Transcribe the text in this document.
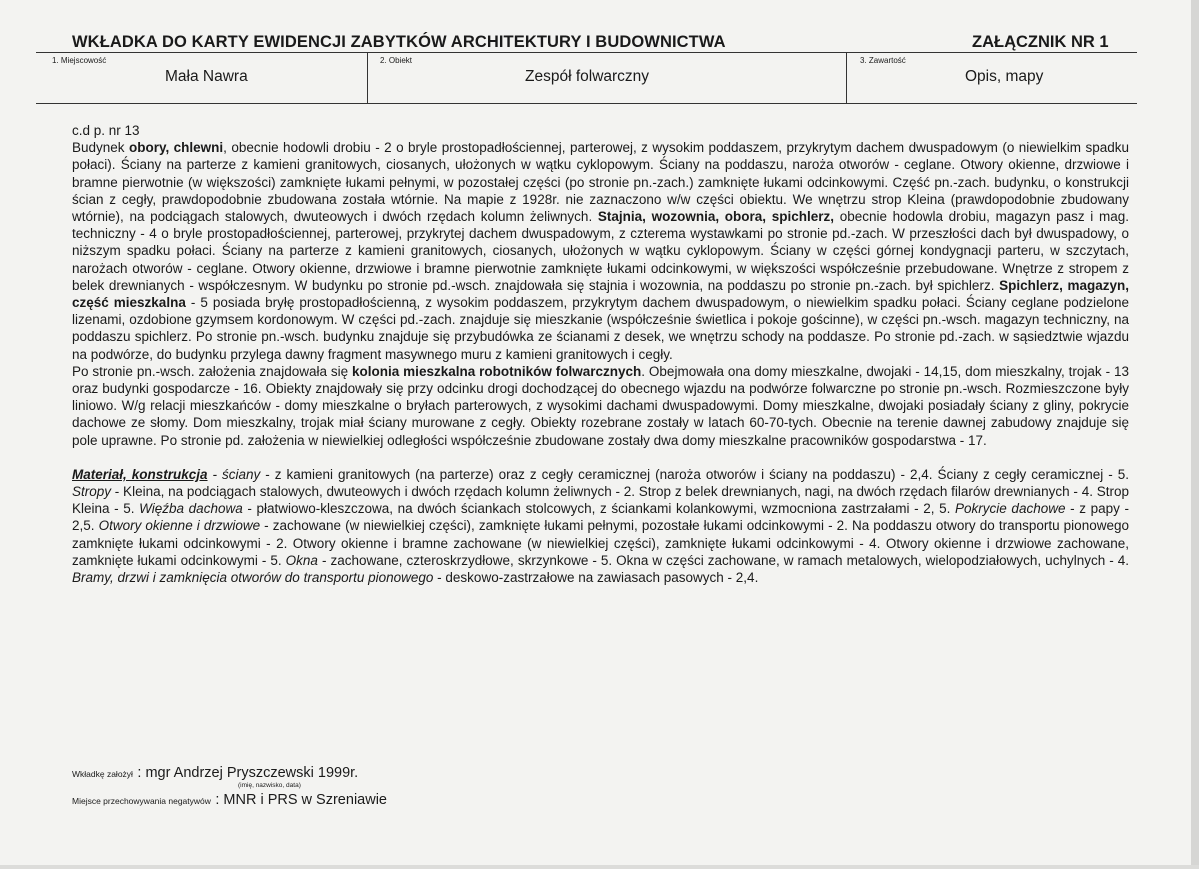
WKŁADKA DO KARTY EWIDENCJI ZABYTKÓW ARCHITEKTURY I BUDOWNICTWA	ZAŁĄCZNIK NR 1
1. Miejscowość
Mała Nawra
2. Obiekt
Zespół folwarczny
3. Zawartość
Opis, mapy

c.d p. nr 13

Budynek obory, chlewni, obecnie hodowli drobiu - 2 o bryle prostopadłościennej, parterowej, z wysokim poddaszem, przykrytym dachem dwuspadowym (o niewielkim spadku połaci). Ściany na parterze z kamieni granitowych, ciosanych, ułożonych w wątku cyklopowym. Ściany na poddaszu, naroża otworów - ceglane. Otwory okienne, drzwiowe i bramne pierwotnie (w większości) zamknięte łukami pełnymi, w pozostałej części (po stronie pn.-zach.) zamknięte łukami odcinkowymi. Część pn.-zach. budynku, o konstrukcji ścian z cegły, prawdopodobnie zbudowana została wtórnie. Na mapie z 1928r. nie zaznaczono w/w części obiektu. We wnętrzu strop Kleina (prawdopodobnie zbudowany wtórnie), na podciągach stalowych, dwuteowych i dwóch rzędach kolumn żeliwnych. Stajnia, wozownia, obora, spichlerz, obecnie hodowla drobiu, magazyn pasz i mag. techniczny - 4 o bryle prostopadłościennej, parterowej, przykrytej dachem dwuspadowym, z czterema wystawkami po stronie pd.-zach. W przeszłości dach był dwuspadowy, o niższym spadku połaci. Ściany na parterze z kamieni granitowych, ciosanych, ułożonych w wątku cyklopowym. Ściany w części górnej kondygnacji parteru, w szczytach, narożach otworów - ceglane. Otwory okienne, drzwiowe i bramne pierwotnie zamknięte łukami odcinkowymi, w większości współcześnie przebudowane. Wnętrze z stropem z belek drewnianych - współczesnym. W budynku po stronie pd.-wsch. znajdowała się stajnia i wozownia, na poddaszu po stronie pn.-zach. był spichlerz. Spichlerz, magazyn, część mieszkalna - 5 posiada bryłę prostopadłościenną, z wysokim poddaszem, przykrytym dachem dwuspadowym, o niewielkim spadku połaci. Ściany ceglane podzielone lizenami, ozdobione gzymsem kordonowym. W części pd.-zach. znajduje się mieszkanie (współcześnie świetlica i pokoje gościnne), w części pn.-wsch. magazyn techniczny, na poddaszu spichlerz. Po stronie pn.-wsch. budynku znajduje się przybudówka ze ścianami z desek, we wnętrzu schody na poddasze. Po stronie pd.-zach. w sąsiedztwie wjazdu na podwórze, do budynku przylega dawny fragment masywnego muru z kamieni granitowych i cegły.

Po stronie pn.-wsch. założenia znajdowała się kolonia mieszkalna robotników folwarcznych. Obejmowała ona domy mieszkalne, dwojaki - 14,15, dom mieszkalny, trojak - 13 oraz budynki gospodarcze - 16. Obiekty znajdowały się przy odcinku drogi dochodzącej do obecnego wjazdu na podwórze folwarczne po stronie pn.-wsch. Rozmieszczone były liniowo. W/g relacji mieszkańców - domy mieszkalne o bryłach parterowych, z wysokimi dachami dwuspadowymi. Domy mieszkalne, dwojaki posiadały ściany z gliny, pokrycie dachowe ze słomy. Dom mieszkalny, trojak miał ściany murowane z cegły. Obiekty rozebrane zostały w latach 60-70-tych. Obecnie na terenie dawnej zabudowy znajduje się pole uprawne. Po stronie pd. założenia w niewielkiej odległości współcześnie zbudowane zostały dwa domy mieszkalne pracowników gospodarstwa - 17.

Materiał, konstrukcja - ściany - z kamieni granitowych (na parterze) oraz z cegły ceramicznej (naroża otworów i ściany na poddaszu) - 2,4. Ściany z cegły ceramicznej - 5. Stropy - Kleina, na podciągach stalowych, dwuteowych i dwóch rzędach kolumn żeliwnych - 2. Strop z belek drewnianych, nagi, na dwóch rzędach filarów drewnianych - 4. Strop Kleina - 5. Więźba dachowa - płatwiowo-kleszczowa, na dwóch ściankach stolcowych, z ściankami kolankowymi, wzmocniona zastrzałami - 2, 5. Pokrycie dachowe - z papy - 2,5. Otwory okienne i drzwiowe - zachowane (w niewielkiej części), zamknięte łukami pełnymi, pozostałe łukami odcinkowymi - 2. Na poddaszu otwory do transportu pionowego zamknięte łukami odcinkowymi - 2. Otwory okienne i bramne zachowane (w niewielkiej części), zamknięte łukami odcinkowymi - 4. Otwory okienne i drzwiowe zachowane, zamknięte łukami odcinkowymi - 5. Okna - zachowane, czteroskrzydłowe, skrzynkowe - 5. Okna w części zachowane, w ramach metalowych, wielopodziałowych, uchylnych - 4. Bramy, drzwi i zamknięcia otworów do transportu pionowego - deskowo-zastrzałowe na zawiasach pasowych - 2,4.

Wkładkę założył : mgr Andrzej Pryszczewski 1999r.
(imię, nazwisko, data)
Miejsce przechowywania negatywów : MNR i PRS w Szreniawie
